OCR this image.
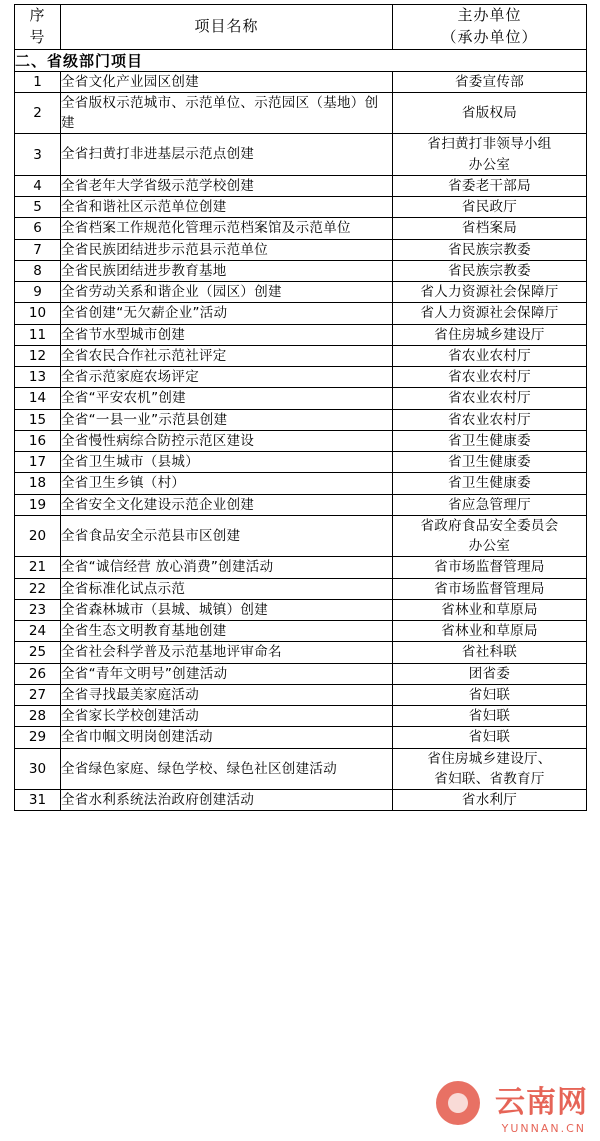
序
号	项目名称	主办单位
（承办单位）
二、省级部门项目		
1	全省文化产业园区创建	省委宣传部

2	全省版权示范城市、示范单位、示范园区（基地）创建	省版权局

3	全省扫黄打非进基层示范点创建	省扫黄打非领导小组
办公室

4	全省老年大学省级示范学校创建	省委老干部局

5	全省和谐社区示范单位创建	省民政厅

6	全省档案工作规范化管理示范档案馆及示范单位	省档案局

7	全省民族团结进步示范县示范单位	省民族宗教委

8	全省民族团结进步教育基地	省民族宗教委

9	全省劳动关系和谐企业（园区）创建	省人力资源社会保障厅

10	全省创建“无欠薪企业”活动	省人力资源社会保障厅

11	全省节水型城市创建	省住房城乡建设厅

12	全省农民合作社示范社评定	省农业农村厅

13	全省示范家庭农场评定	省农业农村厅

14	全省“平安农机”创建	省农业农村厅

15	全省“一县一业”示范县创建	省农业农村厅

16	全省慢性病综合防控示范区建设	省卫生健康委

17	全省卫生城市（县城）	省卫生健康委

18	全省卫生乡镇（村）	省卫生健康委

19	全省安全文化建设示范企业创建	省应急管理厅

20	全省食品安全示范县市区创建	省政府食品安全委员会
办公室

21	全省“诚信经营 放心消费”创建活动	省市场监督管理局

22	全省标准化试点示范	省市场监督管理局

23	全省森林城市（县城、城镇）创建	省林业和草原局

24	全省生态文明教育基地创建	省林业和草原局

25	全省社会科学普及示范基地评审命名	省社科联

26	全省“青年文明号”创建活动	团省委

27	全省寻找最美家庭活动	省妇联

28	全省家长学校创建活动	省妇联

29	全省巾帼文明岗创建活动	省妇联

30	全省绿色家庭、绿色学校、绿色社区创建活动	省住房城乡建设厅、
省妇联、省教育厅

31	全省水利系统法治政府创建活动	省水利厅
云南网
YUNNAN.CN
